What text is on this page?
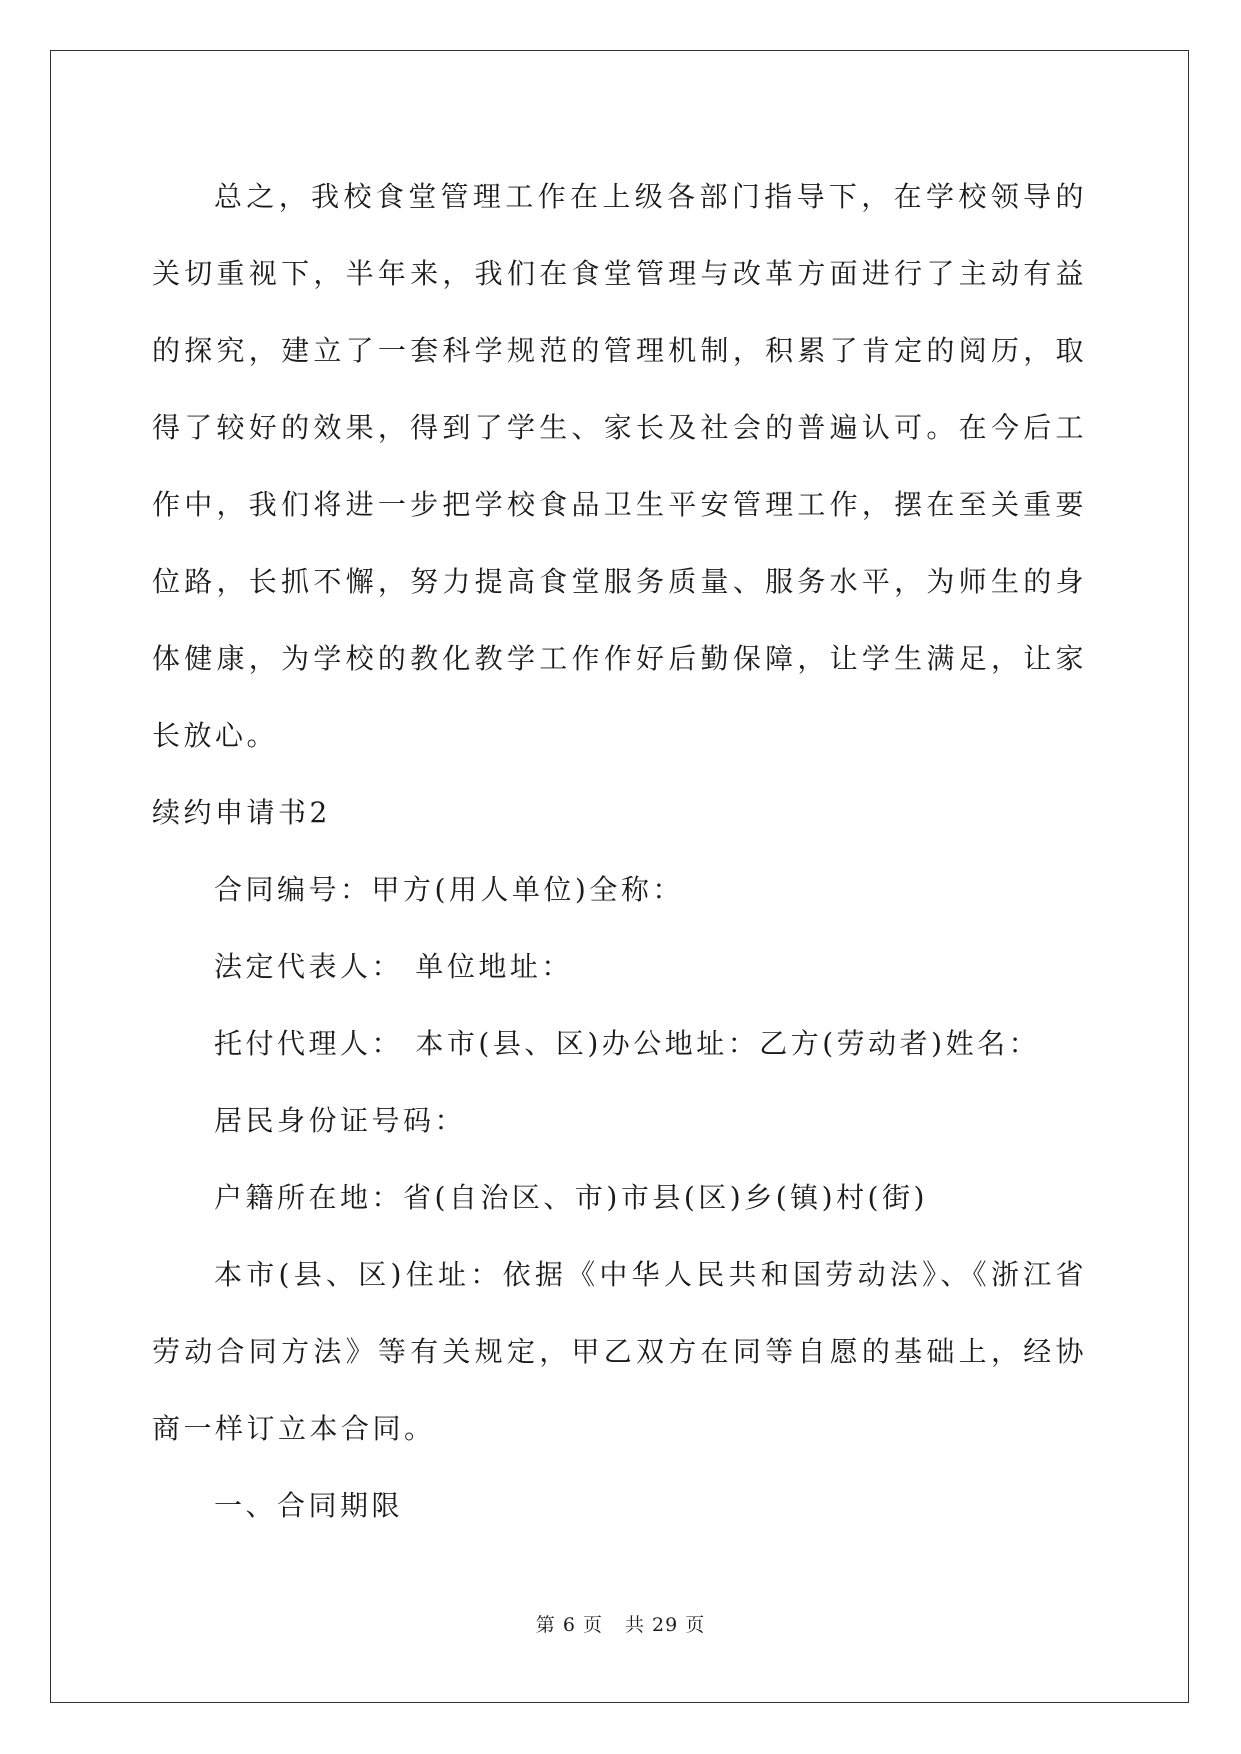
总之，我校食堂管理工作在上级各部门指导下，在学校领导的关切重视下，半年来，我们在食堂管理与改革方面进行了主动有益的探究，建立了一套科学规范的管理机制，积累了肯定的阅历，取得了较好的效果，得到了学生、家长及社会的普遍认可。在今后工作中，我们将进一步把学校食品卫生平安管理工作，摆在至关重要位路，长抓不懈，努力提高食堂服务质量、服务水平，为师生的身体健康，为学校的教化教学工作作好后勤保障，让学生满足，让家长放心。

续约申请书2

合同编号：甲方(用人单位)全称：

法定代表人： 单位地址：

托付代理人： 本市(县、区)办公地址：乙方(劳动者)姓名：

居民身份证号码：

户籍所在地：省(自治区、市)市县(区)乡(镇)村(街)

本市(县、区)住址：依据《中华人民共和国劳动法》、《浙江省劳动合同方法》等有关规定，甲乙双方在同等自愿的基础上，经协商一样订立本合同。

一、合同期限

第 6 页 共 29 页
